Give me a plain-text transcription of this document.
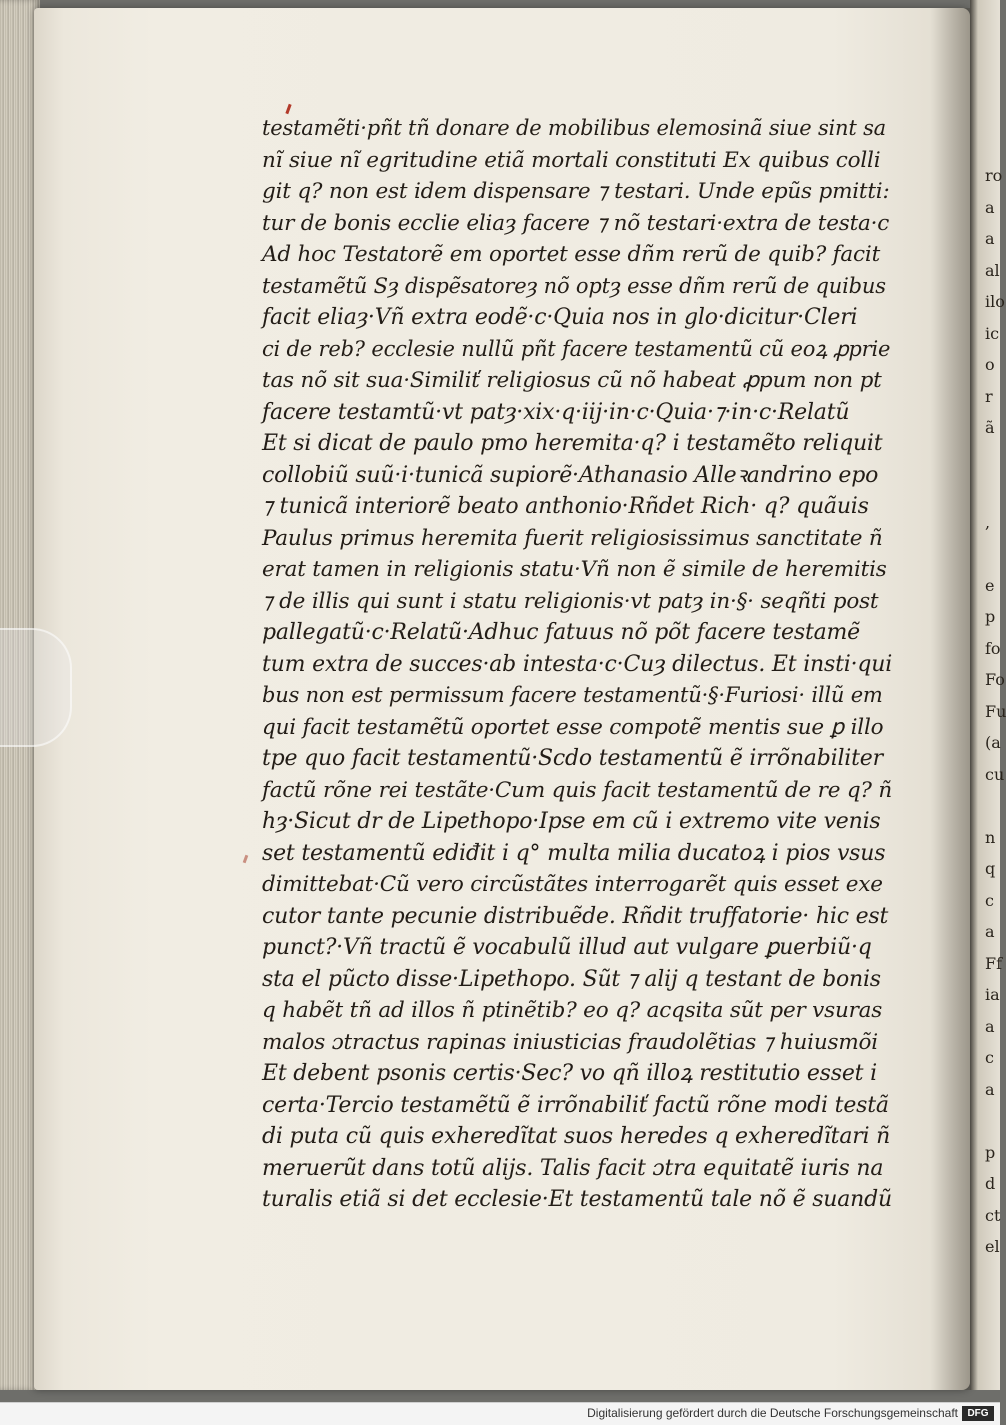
ro
a
a
al
ilo
ic
o
r
ã
,
e
p
fo
Fo
Fu
(a
cu
n
q
c
a
Ff
ia
a
c
a
p
d
ct
el
testamẽti·pñt tñ donare de mobilibus elemosinã siue sint sa
nĩ siue nĩ egritudine etiã mortali constituti Ex quibus colli
git q? non est idem dispensare ⁊ testari. Unde epũs pmitti:
tur de bonis ecclie eliaȝ facere ⁊ nõ testari·extra de testa·c
Ad hoc Testatorẽ em oportet esse dñm rerũ de quib? facit
testamẽtũ Sȝ dispẽsatoreȝ nõ optȝ esse dñm rerũ de quibus
facit eliaȝ·Vñ extra eodẽ·c·Quia nos in glo·dicitur·Cleri
ci de reb? ecclesie nullũ pñt facere testamentũ cũ eoꝝ ꝓprie
tas nõ sit sua·Similiť religiosus cũ nõ habeat ꝓpum non pt
facere testamtũ·vt patȝ·xix·q·iij·in·c·Quia·⁊·in·c·Relatũ
Et si dicat de paulo pmo heremita·q? i testamẽto reliquit
collobiũ suũ·i·tunicã supiorẽ·Athanasio Alleꝛandrino epo
⁊ tunicã interiorẽ beato anthonio·Rñdet Rich· q? quãuis
Paulus primus heremita fuerit religiosissimus sanctitate ñ
erat tamen in religionis statu·Vñ non ẽ simile de heremitis
⁊ de illis qui sunt i statu religionis·vt patȝ in·§· seqñti post
pallegatũ·c·Relatũ·Adhuc fatuus nõ põt facere testamẽ
tum extra de succes·ab intesta·c·Cuȝ dilectus. Et insti·qui
bus non est permissum facere testamentũ·§·Furiosi· illũ em
qui facit testamẽtũ oportet esse compotẽ mentis sue ꝑ illo
tpe quo facit testamentũ·Scdo testamentũ ẽ irrõnabiliter
factũ rõne rei testãte·Cum quis facit testamentũ de re q? ñ
hȝ·Sicut dr de Lipethopo·Ipse em cũ i extremo vite venis
set testamentũ ediđit i q° multa milia ducatoꝝ i pios vsus
dimittebat·Cũ vero circũstãtes interrogarẽt quis esset exe
cutor tante pecunie distribuẽde. Rñdit truffatorie· hic est
punct?·Vñ tractũ ẽ vocabulũ illud aut vulgare ꝑuerbiũ·q
sta el pũcto disse·Lipethopo. Sũt ⁊ alij q testant de bonis
q habẽt tñ ad illos ñ ptinẽtib? eo q? acqsita sũt per vsuras
malos ɔtractus rapinas iniusticias fraudolẽtias ⁊ huiusmõi
Et debent psonis certis·Sec? vo qñ illoꝝ restitutio esset i
certa·Tercio testamẽtũ ẽ irrõnabiliť factũ rõne modi testã
di puta cũ quis exheredĩtat suos heredes q exheredĩtari ñ
meruerũt dans totũ alijs. Talis facit ɔtra equitatẽ iuris na
turalis etiã si det ecclesie·Et testamentũ tale nõ ẽ suandũ
Digitalisierung gefördert durch die Deutsche Forschungsgemeinschaft DFG
